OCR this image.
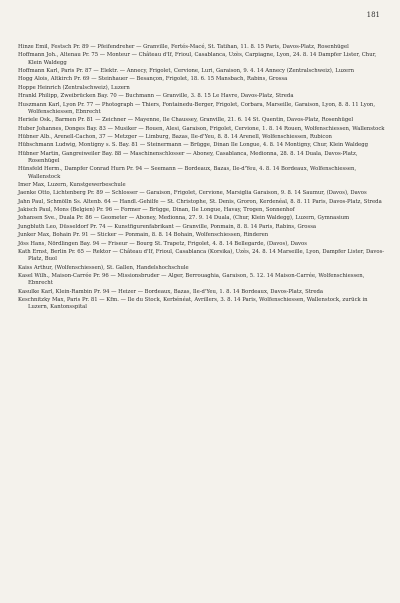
181

Hinze Emil, Festsch Pr. 89 — Pfeifendreher — Granville, Fertés-Macé, St. Tatihan, 11. 8. 15 Paris, Davos-Platz, Rosenhügel

Hoffmann Joh., Altenau Pr. 75 — Monteur — Château d'If, Frioul, Casablanca, Uzès, Carpiagne, Lyon, 24. 8. 14 Dampfer Lister, Chur, Klein Waldegg

Hoffmann Karl, Paris Pr. 87 — Elektr. — Annecy, Frigolet, Cervione, Luri, Garaison, 9. 4. 14 Annecy (Zentralschweiz), Luzern

Hogg Alois, Altkirch Pr. 69 — Steinhauer — Besançon, Frigolet, 18. 6. 15 Mansbach, Rabins, Grossa

Hoppe Heinrich (Zentralschweiz), Luzern

Hrankl Philipp, Zweibrücken Bay. 70 — Buchmann — Granville, 3. 8. 15 Le Havre, Davos-Platz, Streda

Huszmann Karl, Lyon Pr. 77 — Photograph — Thiers, Fontainedu-Berger, Frigolet, Corbara, Marseille, Garaison, Lyon, 8. 8. 11 Lyon, Wolfenschiessen, Ebnrecht

Heriele Osk., Barmen Pr. 81 — Zeichner — Mayenne, Ile Chaussey, Granville, 21. 6. 14 St. Quentin, Davos-Platz, Rosenhügel

Huber Johannes, Donges Bay. 83 — Musiker — Rouen, Alesi, Garaison, Frigolet, Cervione, 1. 8. 14 Rouen, Wolfenschiessen, Wallenstock

Hübner Alb., Arenell-Cachon, 37 — Metzger — Limburg, Bazas, Ile-d'Yeu, 8. 8. 14 Arenell, Wolfenschiessen, Rubicon

Hübschmann Ludwig, Montigny s. S. Bay. 81 — Steinermann — Brügge, Dinan Ile Longue, 4. 8. 14 Montigny, Chur, Klein Waldegg

Hübner Martin, Gangreiweiler Bay. 88 — Maschinenschlosser — Aboney, Casablanca, Medionna, 28. 8. 14 Duala, Davos-Platz, Rosenhügel

Hünsfeld Herm., Dampfer Conrad Hurn Pr. 94 — Seemann — Bordeaux, Bazas, Ile-d'Yeu, 4. 8. 14 Bordeaux, Wolfenschiessen, Wallenstock

Imer Max, Luzern, Kunstgewerbeschule

Jaenke Otto, Lichtenberg Pr. 89 — Schlosser — Garaison, Frigolet, Cervione, Marsiglia Garaison, 9. 8. 14 Saumur, (Davos), Davos

Jahn Paul, Schmölln Ss. Altenb. 64 — Handl.-Gehilfe — St. Christophe, St. Denis, Groron, Kerdenéal, 8. 8. 11 Paris, Davos-Platz, Streda

Jakisch Paul, Mons (Belgien) Pr. 96 — Former — Brügge, Dinan, Ile Longue, Havay, Trogen, Sonnenhof

Johansen Sve., Duala Pr. 86 — Geometer — Aboney, Medionna, 27. 9. 14 Duala, (Chur, Klein Waldegg), Luzern, Gymnasium

Jungbluth Leo, Düsseldorf Pr. 74 — Kunstfigurenfabrikant — Granville, Ponmain, 8. 8. 14 Paris, Rabins, Grossa

Junker Max, Bohain Pr. 91 — Sticker — Ponmain, 8. 8. 14 Bohain, Wolfenschiessen, Rinderen

Jöss Hans, Nördlingen Bay. 94 — Friseur — Bourg St. Trapetz, Frigolet, 4. 8. 14 Bellegarde, (Davos), Davos

Kath Ernst, Berlin Pr. 65 — Rektor — Château d'If, Frioul, Casablanca (Korsika), Uzès, 24. 8. 14 Marseille, Lyon, Dampfer Lister, Davos-Platz, Buol

Kaiss Arthur, (Wolfenschiessen), St. Gallen, Handelshochschule

Kasel Wilh., Maison-Carrée Pr. 96 — Missionsbruder — Alger, Berrouaghia, Garaison, 5. 12. 14 Maison-Carrée, Wolfenschiessen, Ebnrecht

Kasulke Karl, Klein-Rambin Pr. 94 — Heizer — Bordeaux, Bazas, Ile-d'Yeu, 1. 8. 14 Bordeaux, Davos-Platz, Streda

Keschnitzky Max, Paris Pr. 81 — Kfm. — Ile du Stock, Kerbénéat, Avrillers, 3. 8. 14 Paris, Wolfenschiessen, Wallenstock, zurück in Luzern, Kantonsspital
